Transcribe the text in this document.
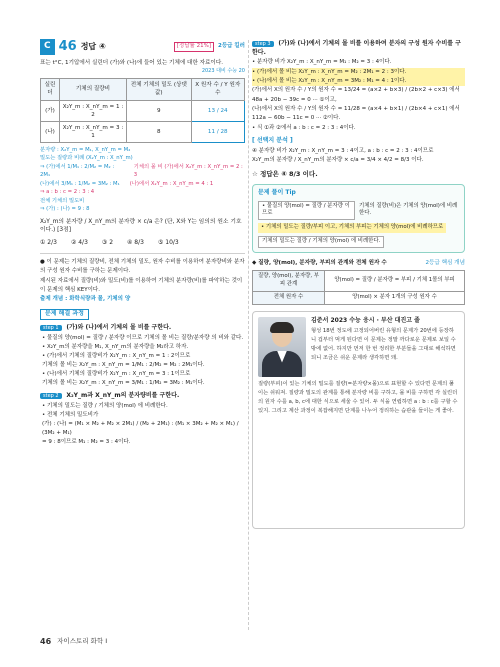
C 46 정답 ④	[정답률 21%]	2등급 킬러
표는 t°C, 1기압에서 실린더 (가)와 (나)에 들어 있는 기체에 대한 자료이다.
2023 대비 수능 20
실린더	기체의 질량비	전체 기체의 밀도 (상댓값)	X 원자 수 / Y 원자 수
(가)	X₂Y_m : X_nY_m = 1 : 2	9	13 / 24
(나)	X₂Y_m : X_nY_m = 3 : 1	8	11 / 28
분자량 : X₂Y_m = M₁, X_nY_m = M₂
밀도는 질량과 비례 (X₂Y_m : X_nY_m)
⇒ (가)에서 1/M₁ : 2/M₂ = M₂ : 2M₁
기체의 몰 비 (가)에서 X₂Y_m : X_nY_m = 2 : 3
(나)에서 3/M₁ : 1/M₂ = 3M₂ : M₁ (나)에서 X₂Y_m : X_nY_m = 4 : 1
⇒ a : b : c = 2 : 3 : 4
전체 기체의 밀도비
⇒ (가) : (나) = 9 : 8
X₂Y_m의 분자량 / X_nY_m의 분자량 × c/a 은? (단, X와 Y는 임의의 원소 기호이다.) [3점]
① 2/3 ② 4/3 ③ 2 ④ 8/3 ⑤ 10/3

● 이 문제는 기체의 질량비, 전체 기체의 밀도, 원자 수비를 이용하여 분자량비와 분자의 구성 원자 수비를 구하는 문제이다.

제시된 자료에서 질량(비)와 밀도(비)를 이용하여 기체의 분자량(비)를 파악하는 것이 이 문제의 핵심 KEY이다.

출제 개념 : 화학식량과 몰, 기체의 양
문제 해결 과정
step 1 (가)와 (나)에서 기체의 몰 비를 구한다.
• 물질의 양(mol) = 질량 / 분자량 이므로 기체의 몰 비는 질량/분자량 의 비와 같다.
• X₂Y_m의 분자량을 M₁, X_nY_m의 분자량을 M₂라고 하자.
• (가)에서 기체의 질량비가 X₂Y_m : X_nY_m = 1 : 2이므로
기체의 몰 비는 X₂Y_m : X_nY_m = 1/M₁ : 2/M₂ = M₂ : 2M₁이다.
• (나)에서 기체의 질량비가 X₂Y_m : X_nY_m = 3 : 1이므로
기체의 몰 비는 X₂Y_m : X_nY_m = 3/M₁ : 1/M₂ = 3M₂ : M₁이다.
step 2 X₂Y_m과 X_nY_m의 분자량비를 구한다.
• 기체의 밀도는 질량 / 기체의 양(mol) 에 비례한다.
• 전체 기체의 밀도비가
(가) : (나) = (M₁ × M₂ + M₂ × 2M₁) / (M₂ + 2M₁) : (M₁ × 3M₂ + M₂ × M₁) / (3M₂ + M₁)
= 9 : 8이므로 M₁ : M₂ = 3 : 4이다.
step 3 (가)와 (나)에서 기체의 몰 비를 이용하여 분자의 구성 원자 수비를 구한다.
• 분자량 비가 X₂Y_m : X_nY_m = M₁ : M₂ = 3 : 4이다.
• (가)에서 몰 비는 X₂Y_m : X_nY_m = M₂ : 2M₁ = 2 : 3이다.
• (나)에서 몰 비는 X₂Y_m : X_nY_m = 3M₂ : M₁ = 4 : 1이다.
(가)에서 X의 원자 수 / Y의 원자 수 = 13/24 = (a×2 + b×3) / (2b×2 + c×3) 에서
48a + 20b − 39c = 0 ··· ①이고,
(나)에서 X의 원자 수 / Y의 원자 수 = 11/28 = (a×4 + b×1) / (2b×4 + c×1) 에서
112a − 60b − 11c = 0 ··· ②이다.
• 식 ①과 ②에서 a : b : c = 2 : 3 : 4이다.
[ 선택지 분석 ]
④ 분자량 비가 X₂Y_m : X_nY_m = 3 : 4이고, a : b : c = 2 : 3 : 4이므로
X₂Y_m의 분자량 / X_nY_m의 분자량 × c/a = 3/4 × 4/2 = 8/3 이다.
☆ 정답은 ④ 8/3 이다.
문제 풀이 Tip
• 물질의 양(mol) = 질량 / 분자량 이므로
기체의 질량(비)은 기체의 양(mol)에 비례한다.
• 기체의 밀도는 질량/부피 이고, 기체의 부피는 기체의 양(mol)에 비례하므로
기체의 밀도는 질량 / 기체의 양(mol) 에 비례한다.
◆ 질량, 양(mol), 분자량, 부피의 관계와 전체 원자 수	2등급 핵심 개념
질량, 양(mol), 분자량, 부피 관계	양(mol) = 질량 / 분자량 = 부피 / 기체 1몰의 부피
전체 원자 수	양(mol) × 분자 1개의 구성 원자 수
김준서 2023 수능 응시 · 부산 대진고 졸
형성 18번 정도에 고정되어버린 유형의 문제가 20번에 등장하니 겁부터 먹게 된다면 이 문제는 정말 까다로운 문제로 보일 수밖에 없어. 하지만 먼저 한 번 정리한 부분들을 그대로 해석하면 되니 조금은 쉬운 문제라 생각하면 돼.
질량(부피)이 있는 기체의 밀도를 질량(=분자량×몰)으로 표현할 수 있다면 문제의 풀이는 쉬워져. 질량과 밀도의 관계를 통해 분자량 비를 구하고, 몰 비를 구하면 각 실린더의 원자 수를 a, b, c에 대한 식으로 세울 수 있어. 두 식을 연립하면 a : b : c를 구할 수 있지. 그리고 계산 과정이 복잡해지면 단계를 나누어 정리하는 습관을 들이는 게 좋아.
46 자이스토리 화학 I
